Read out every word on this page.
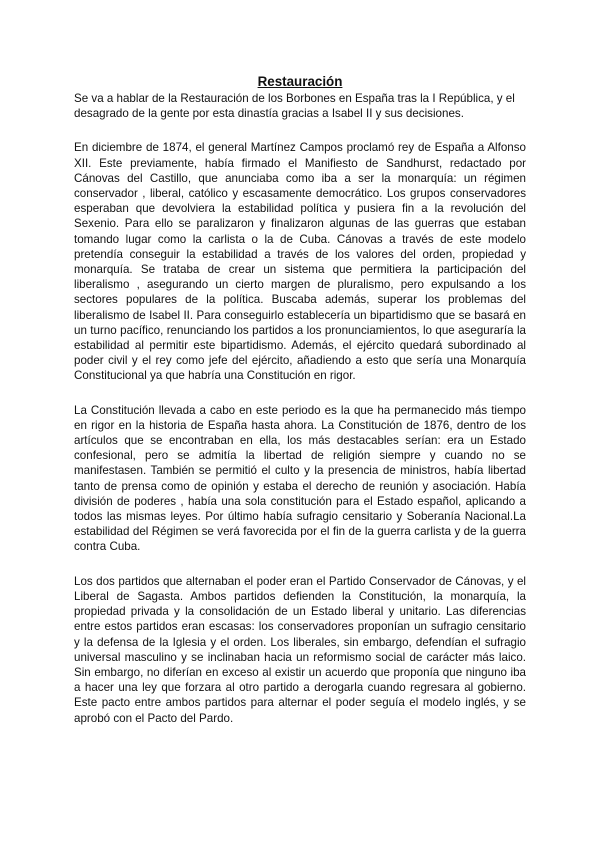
Restauración

Se va a hablar de la Restauración de los Borbones en España tras la I República, y el desagrado de la gente por esta dinastía gracias a Isabel II y sus decisiones.

En diciembre de 1874, el general Martínez Campos proclamó rey de España a Alfonso XII. Este previamente, había firmado el Manifiesto de Sandhurst, redactado por Cánovas del Castillo, que anunciaba como iba a ser la monarquía: un régimen conservador , liberal, católico y escasamente democrático. Los grupos conservadores esperaban que devolviera la estabilidad política y pusiera fin a la revolución del Sexenio. Para ello se paralizaron y finalizaron algunas de las guerras que estaban tomando lugar como la carlista o la de Cuba. Cánovas a través de este modelo pretendía conseguir la estabilidad a través de los valores del orden, propiedad y monarquía. Se trataba de crear un sistema que permitiera la participación del liberalismo , asegurando un cierto margen de pluralismo, pero expulsando a los sectores populares de la política. Buscaba además, superar los problemas del liberalismo de Isabel II. Para conseguirlo establecería un bipartidismo que se basará en un turno pacífico, renunciando los partidos a los pronunciamientos, lo que aseguraría la estabilidad al permitir este bipartidismo. Además, el ejército quedará subordinado al poder civil y el rey como jefe del ejército, añadiendo a esto que sería una Monarquía Constitucional ya que habría una Constitución en rigor.

La Constitución llevada a cabo en este periodo es la que ha permanecido más tiempo en rigor en la historia de España hasta ahora. La Constitución de 1876, dentro de los artículos que se encontraban en ella, los más destacables serían: era un Estado confesional, pero se admitía la libertad de religión siempre y cuando no se manifestasen. También se permitió el culto y la presencia de ministros, había libertad tanto de prensa como de opinión y estaba el derecho de reunión y asociación. Había división de poderes , había una sola constitución para el Estado español, aplicando a todos las mismas leyes. Por último había sufragio censitario y Soberanía Nacional.La estabilidad del Régimen se verá favorecida por el fin de la guerra carlista y de la guerra contra Cuba.

Los dos partidos que alternaban el poder eran el Partido Conservador de Cánovas, y el Liberal de Sagasta. Ambos partidos defienden la Constitución, la monarquía, la propiedad privada y la consolidación de un Estado liberal y unitario. Las diferencias entre estos partidos eran escasas: los conservadores proponían un sufragio censitario y la defensa de la Iglesia y el orden. Los liberales, sin embargo, defendían el sufragio universal masculino y se inclinaban hacia un reformismo social de carácter más laico. Sin embargo, no diferían en exceso al existir un acuerdo que proponía que ninguno iba a hacer una ley que forzara al otro partido a derogarla cuando regresara al gobierno. Este pacto entre ambos partidos para alternar el poder seguía el modelo inglés, y se aprobó con el Pacto del Pardo.
